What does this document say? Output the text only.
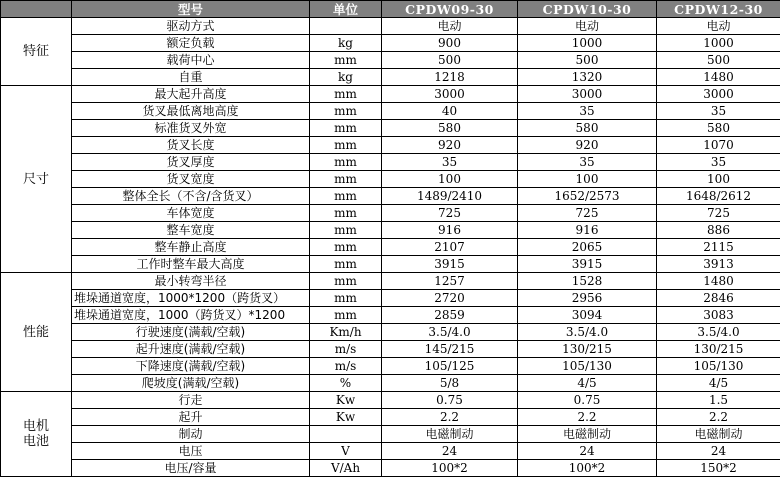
	型号	单位	CPDW09-30	CPDW10-30	CPDW12-30
特征	驱动方式		电动	电动	电动
	额定负载	kg	900	1000	1000
	载荷中心	mm	500	500	500
	自重	kg	1218	1320	1480
尺寸	最大起升高度	mm	3000	3000	3000
	货叉最低离地高度	mm	40	35	35
	标准货叉外宽	mm	580	580	580
	货叉长度	mm	920	920	1070
	货叉厚度	mm	35	35	35
	货叉宽度	mm	100	100	100
	整体全长（不含/含货叉）	mm	1489/2410	1652/2573	1648/2612
	车体宽度	mm	725	725	725
	整车宽度	mm	916	916	886
	整车静止高度	mm	2107	2065	2115
	工作时整车最大高度	mm	3915	3915	3913
性能	最小转弯半径	mm	1257	1528	1480
	堆垛通道宽度，1000*1200（跨货叉）	mm	2720	2956	2846
	堆垛通道宽度，1000（跨货叉）*1200	mm	2859	3094	3083
	行驶速度(满载/空载)	Km/h	3.5/4.0	3.5/4.0	3.5/4.0
	起升速度(满载/空载)	m/s	145/215	130/215	130/215
	下降速度(满载/空载)	m/s	105/125	105/130	105/130
	爬坡度(满载/空载)	%	5/8	4/5	4/5
电机
电池	行走	Kw	0.75	0.75	1.5
	起升	Kw	2.2	2.2	2.2
	制动		电磁制动	电磁制动	电磁制动
	电压	V	24	24	24
	电压/容量	V/Ah	100*2	100*2	150*2
